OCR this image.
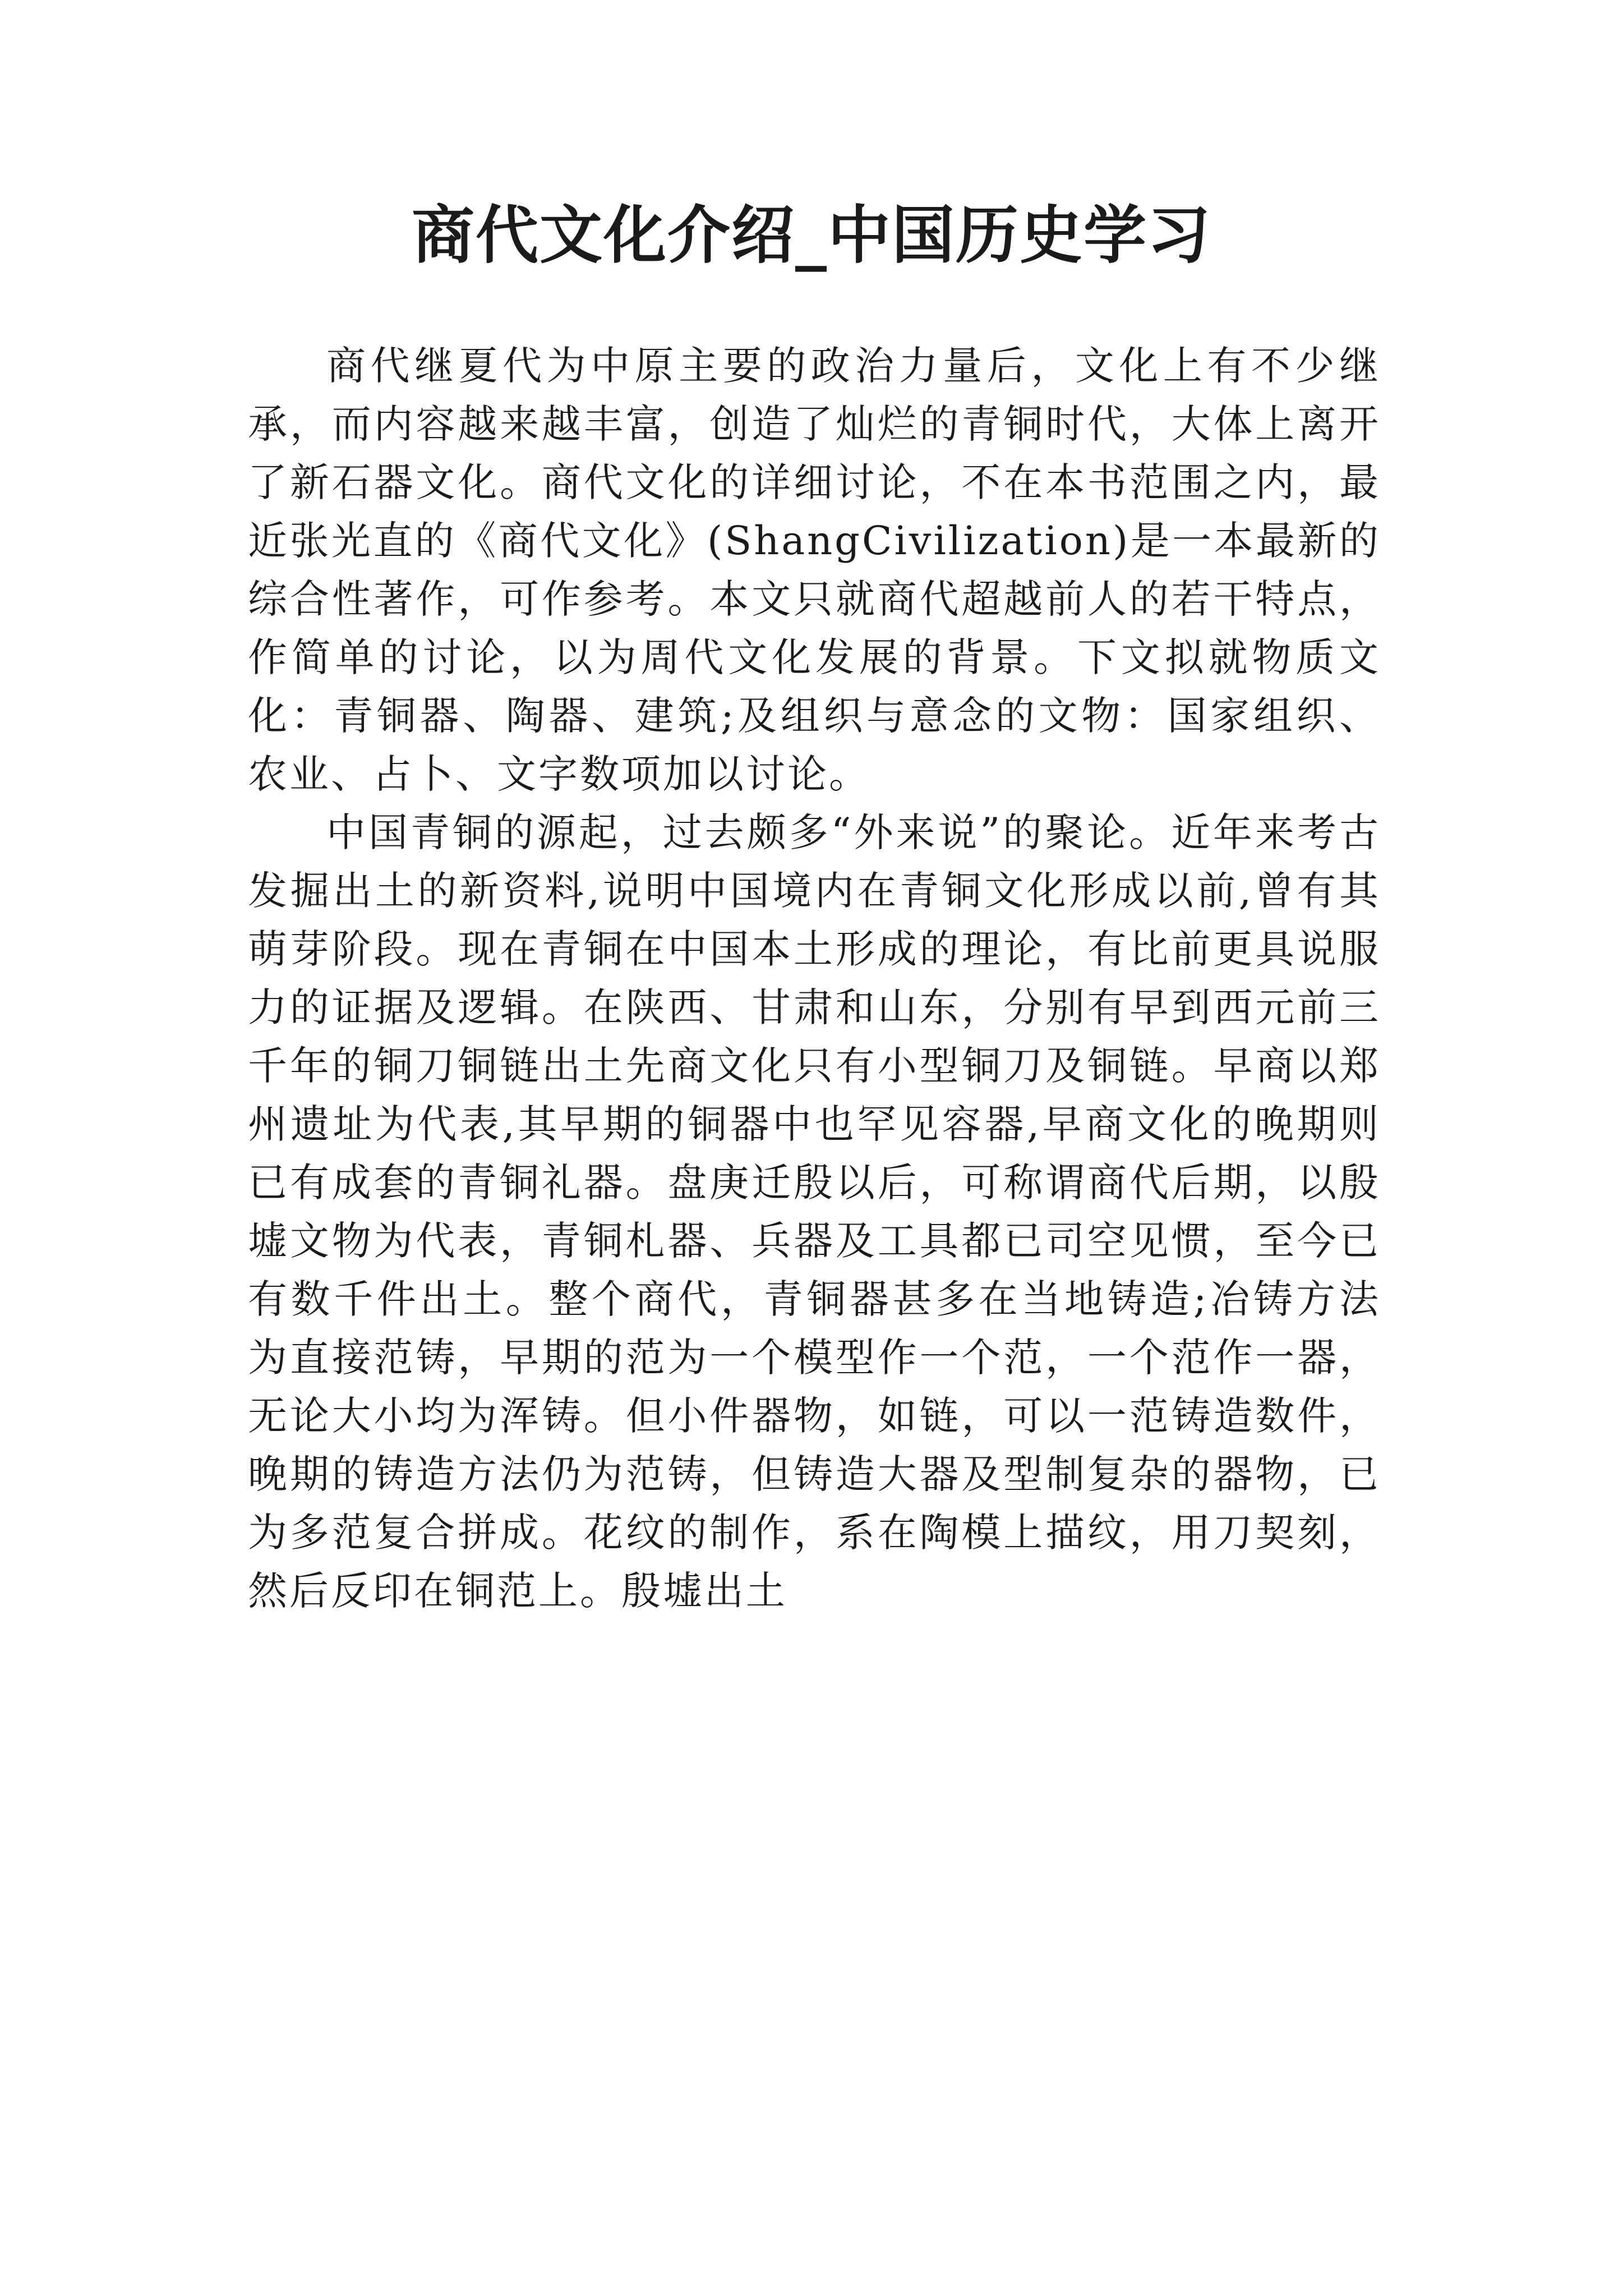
商代文化介绍_中国历史学习

商代继夏代为中原主要的政治力量后，文化上有不少继承，而内容越来越丰富，创造了灿烂的青铜时代，大体上离开了新石器文化。商代文化的详细讨论，不在本书范围之内，最近张光直的《商代文化》(ShangCivilization)是一本最新的综合性著作，可作参考。本文只就商代超越前人的若干特点，作简单的讨论，以为周代文化发展的背景。下文拟就物质文化：青铜器、陶器、建筑;及组织与意念的文物：国家组织、农业、占卜、文字数项加以讨论。

中国青铜的源起，过去颇多“外来说”的聚论。近年来考古发掘出土的新资料,说明中国境内在青铜文化形成以前,曾有其萌芽阶段。现在青铜在中国本土形成的理论，有比前更具说服力的证据及逻辑。在陕西、甘肃和山东，分别有早到西元前三千年的铜刀铜链出土先商文化只有小型铜刀及铜链。早商以郑州遗址为代表,其早期的铜器中也罕见容器,早商文化的晚期则已有成套的青铜礼器。盘庚迁殷以后，可称谓商代后期，以殷墟文物为代表，青铜札器、兵器及工具都已司空见惯，至今已有数千件出土。整个商代，青铜器甚多在当地铸造;冶铸方法为直接范铸，早期的范为一个模型作一个范，一个范作一器，无论大小均为浑铸。但小件器物，如链，可以一范铸造数件，晚期的铸造方法仍为范铸，但铸造大器及型制复杂的器物，已为多范复合拼成。花纹的制作，系在陶模上描纹，用刀契刻，然后反印在铜范上。殷墟出土
